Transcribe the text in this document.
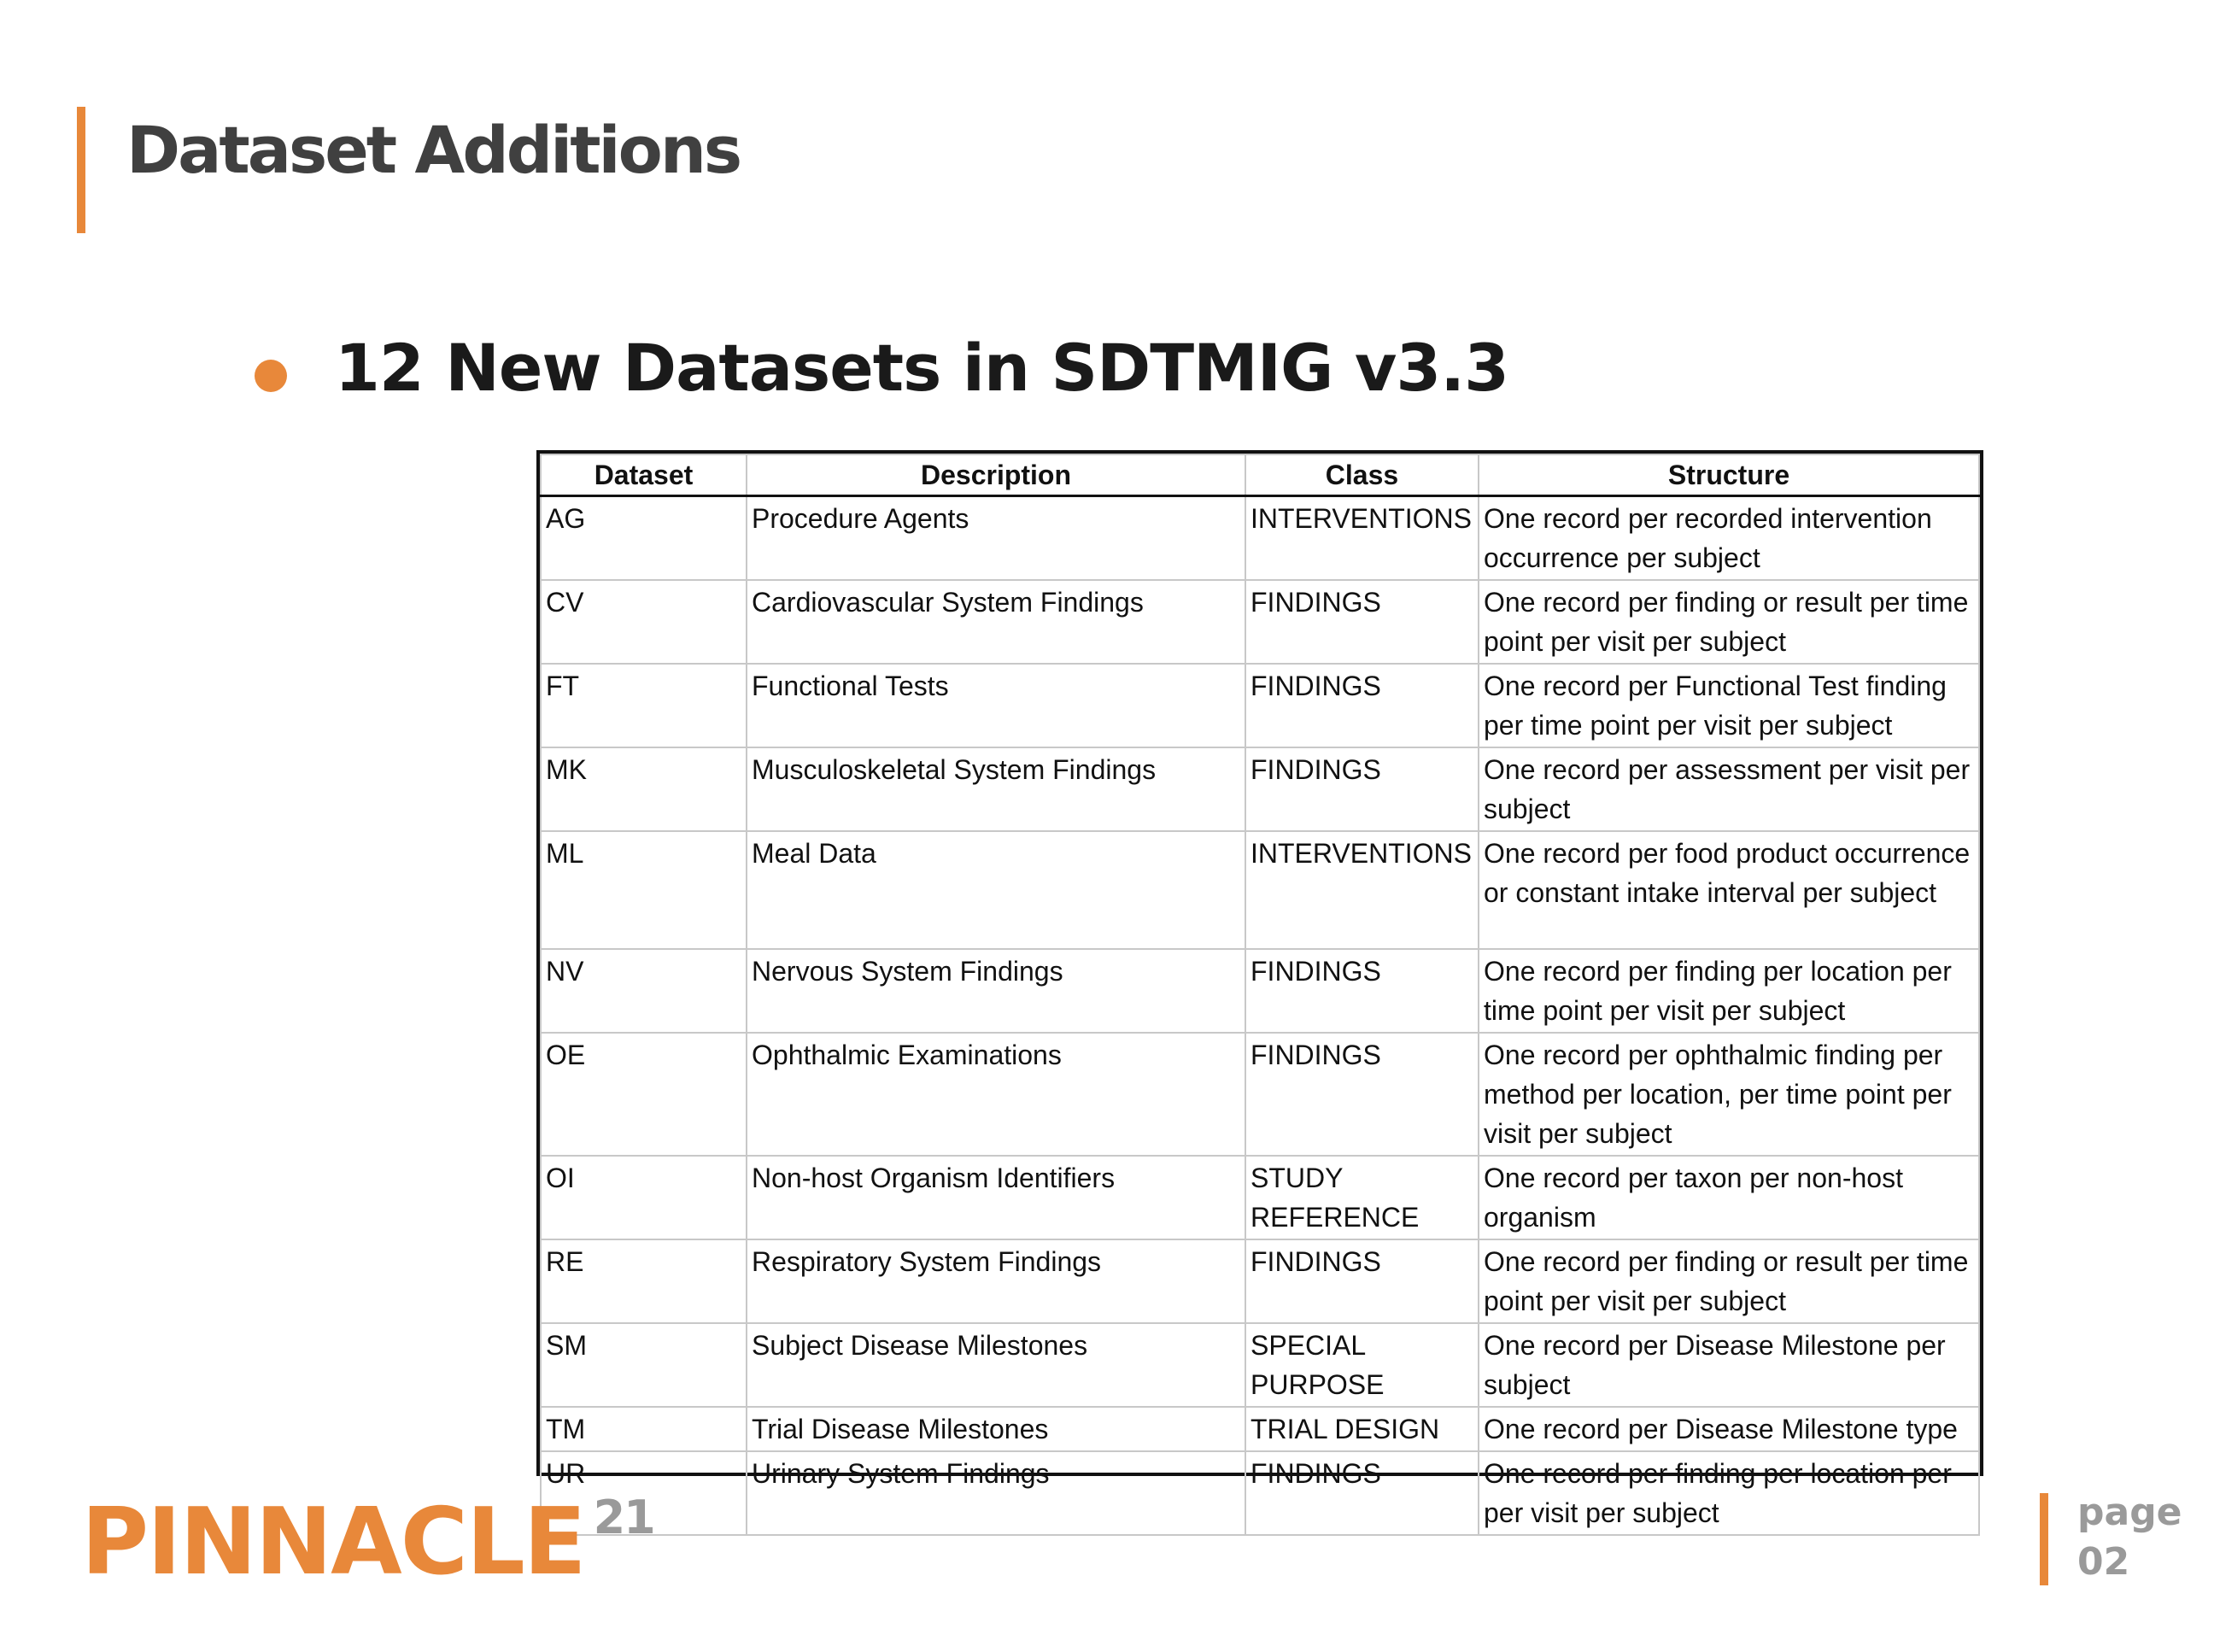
Dataset Additions
12 New Datasets in SDTMIG v3.3
Dataset	Description	Class	Structure
AG	Procedure Agents	INTERVENTIONS	One record per recorded intervention occurrence per subject
CV	Cardiovascular System Findings	FINDINGS	One record per finding or result per time point per visit per subject
FT	Functional Tests	FINDINGS	One record per Functional Test finding per time point per visit per subject
MK	Musculoskeletal System Findings	FINDINGS	One record per assessment per visit per subject
ML	Meal Data	INTERVENTIONS	One record per food product occurrence or constant intake interval per subject
NV	Nervous System Findings	FINDINGS	One record per finding per location per time point per visit per subject
OE	Ophthalmic Examinations	FINDINGS	One record per ophthalmic finding per method per location, per time point per visit per subject
OI	Non-host Organism Identifiers	STUDY REFERENCE	One record per taxon per non-host organism
RE	Respiratory System Findings	FINDINGS	One record per finding or result per time point per visit per subject
SM	Subject Disease Milestones	SPECIAL PURPOSE	One record per Disease Milestone per subject
TM	Trial Disease Milestones	TRIAL DESIGN	One record per Disease Milestone type
UR	Urinary System Findings	FINDINGS	One record per finding per location per per visit per subject
PINNACLE $^{21}$	page
02
